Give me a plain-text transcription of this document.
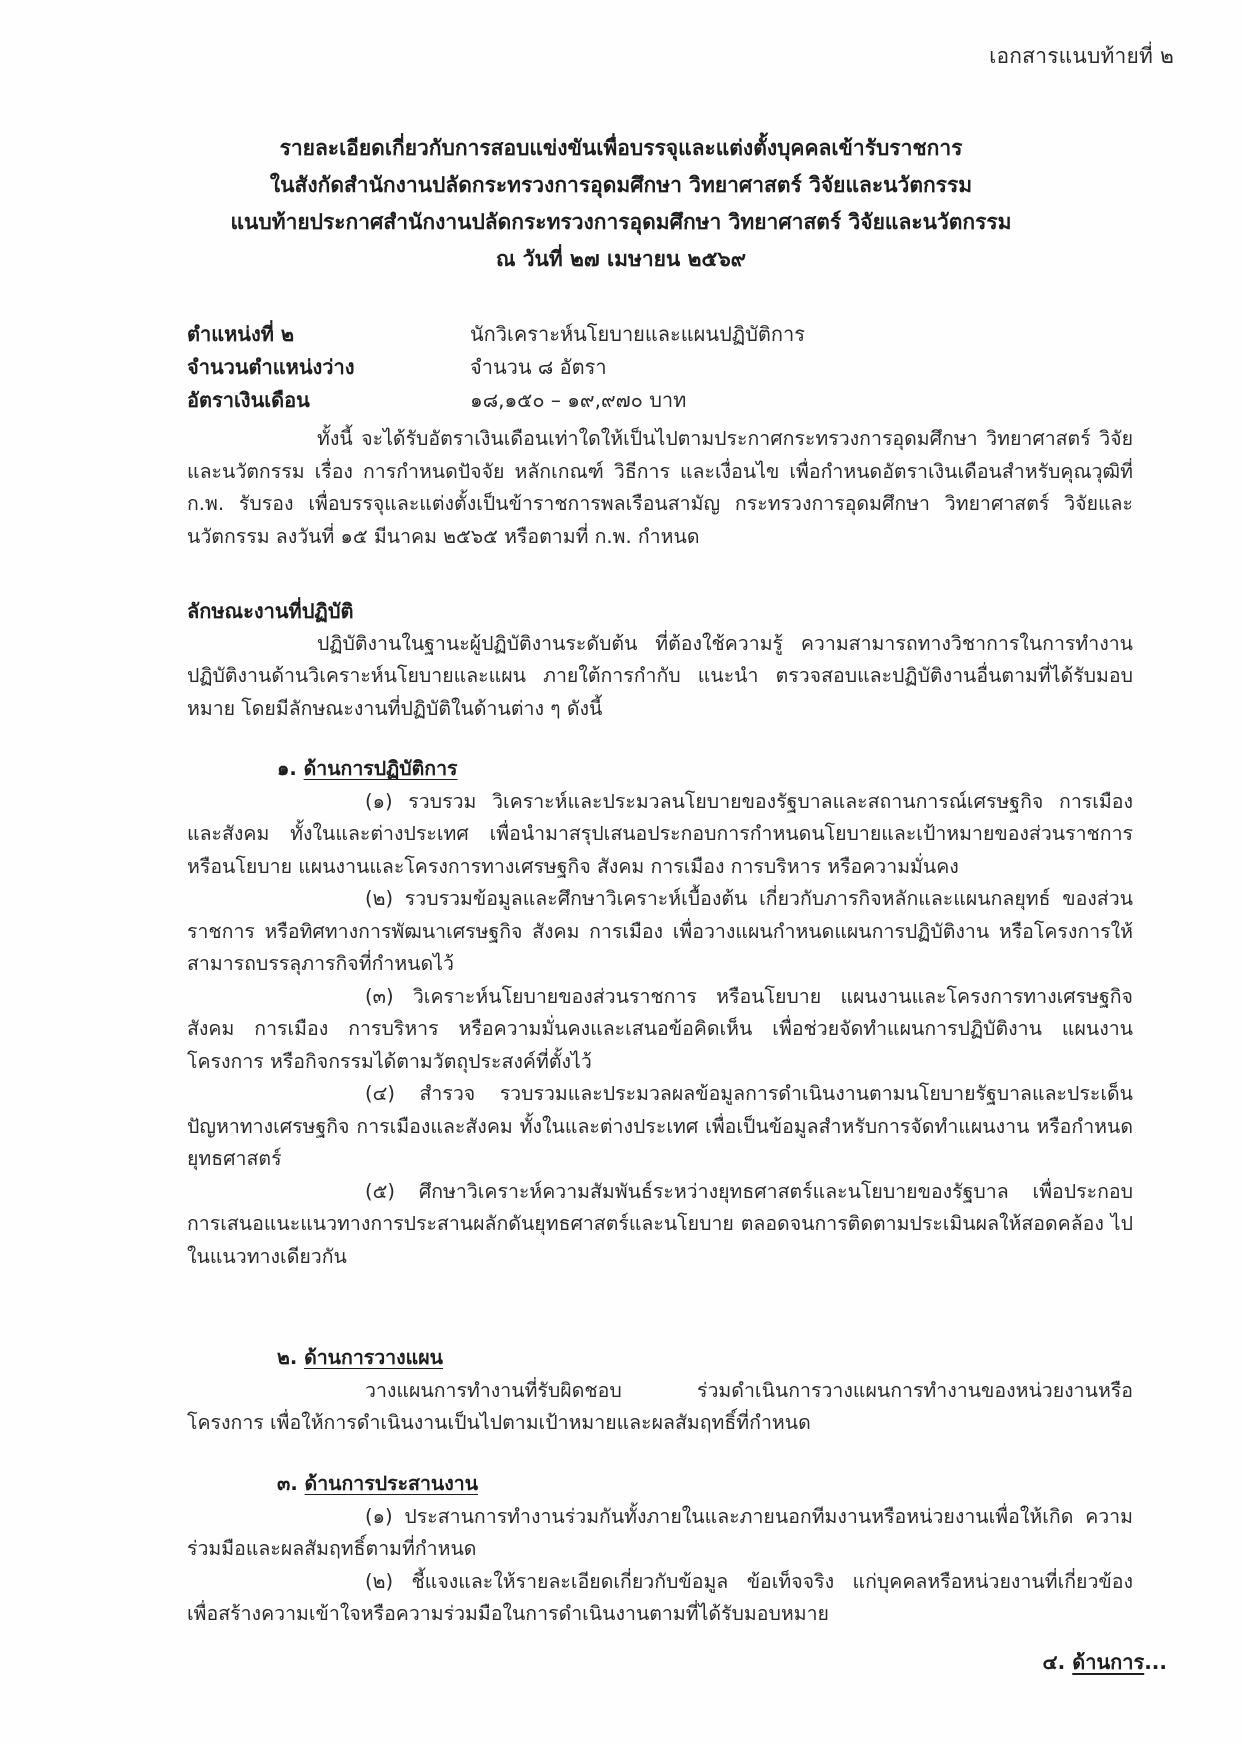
เอกสารแนบท้ายที่ ๒
รายละเอียดเกี่ยวกับการสอบแข่งขันเพื่อบรรจุและแต่งตั้งบุคคลเข้ารับราชการ
ในสังกัดสำนักงานปลัดกระทรวงการอุดมศึกษา วิทยาศาสตร์ วิจัยและนวัตกรรม
แนบท้ายประกาศสำนักงานปลัดกระทรวงการอุดมศึกษา วิทยาศาสตร์ วิจัยและนวัตกรรม
ณ วันที่ ๒๗ เมษายน ๒๕๖๙
ตำแหน่งที่ ๒	นักวิเคราะห์นโยบายและแผนปฏิบัติการ
จำนวนตำแหน่งว่าง	จำนวน ๘ อัตรา
อัตราเงินเดือน	๑๘,๑๕๐ – ๑๙,๙๗๐ บาท
ทั้งนี้ จะได้รับอัตราเงินเดือนเท่าใดให้เป็นไปตามประกาศกระทรวงการอุดมศึกษา วิทยาศาสตร์ วิจัยและนวัตกรรม เรื่อง การกำหนดปัจจัย หลักเกณฑ์ วิธีการ และเงื่อนไข เพื่อกำหนดอัตราเงินเดือนสำหรับคุณวุฒิที่ ก.พ. รับรอง เพื่อบรรจุและแต่งตั้งเป็นข้าราชการพลเรือนสามัญ กระทรวงการอุดมศึกษา วิทยาศาสตร์ วิจัยและนวัตกรรม ลงวันที่ ๑๕ มีนาคม ๒๕๖๕ หรือตามที่ ก.พ. กำหนด
ลักษณะงานที่ปฏิบัติ
ปฏิบัติงานในฐานะผู้ปฏิบัติงานระดับต้น ที่ต้องใช้ความรู้ ความสามารถทางวิชาการในการทำงาน ปฏิบัติงานด้านวิเคราะห์นโยบายและแผน ภายใต้การกำกับ แนะนำ ตรวจสอบและปฏิบัติงานอื่นตามที่ได้รับมอบหมาย โดยมีลักษณะงานที่ปฏิบัติในด้านต่าง ๆ ดังนี้
๑. ด้านการปฏิบัติการ
(๑) รวบรวม วิเคราะห์และประมวลนโยบายของรัฐบาลและสถานการณ์เศรษฐกิจ การเมือง และสังคม ทั้งในและต่างประเทศ เพื่อนำมาสรุปเสนอประกอบการกำหนดนโยบายและเป้าหมายของส่วนราชการ หรือนโยบาย แผนงานและโครงการทางเศรษฐกิจ สังคม การเมือง การบริหาร หรือความมั่นคง
(๒) รวบรวมข้อมูลและศึกษาวิเคราะห์เบื้องต้น เกี่ยวกับภารกิจหลักและแผนกลยุทธ์ ของส่วนราชการ หรือทิศทางการพัฒนาเศรษฐกิจ สังคม การเมือง เพื่อวางแผนกำหนดแผนการปฏิบัติงาน หรือโครงการให้สามารถบรรลุภารกิจที่กำหนดไว้
(๓) วิเคราะห์นโยบายของส่วนราชการ หรือนโยบาย แผนงานและโครงการทางเศรษฐกิจ สังคม การเมือง การบริหาร หรือความมั่นคงและเสนอข้อคิดเห็น เพื่อช่วยจัดทำแผนการปฏิบัติงาน แผนงาน โครงการ หรือกิจกรรมได้ตามวัตถุประสงค์ที่ตั้งไว้
(๔) สำรวจ รวบรวมและประมวลผลข้อมูลการดำเนินงานตามนโยบายรัฐบาลและประเด็น ปัญหาทางเศรษฐกิจ การเมืองและสังคม ทั้งในและต่างประเทศ เพื่อเป็นข้อมูลสำหรับการจัดทำแผนงาน หรือกำหนดยุทธศาสตร์
(๕) ศึกษาวิเคราะห์ความสัมพันธ์ระหว่างยุทธศาสตร์และนโยบายของรัฐบาล เพื่อประกอบ การเสนอแนะแนวทางการประสานผลักดันยุทธศาสตร์และนโยบาย ตลอดจนการติดตามประเมินผลให้สอดคล้อง ไปในแนวทางเดียวกัน
๒. ด้านการวางแผน
วางแผนการทำงานที่รับผิดชอบ ร่วมดำเนินการวางแผนการทำงานของหน่วยงานหรือ โครงการ เพื่อให้การดำเนินงานเป็นไปตามเป้าหมายและผลสัมฤทธิ์ที่กำหนด
๓. ด้านการประสานงาน
(๑) ประสานการทำงานร่วมกันทั้งภายในและภายนอกทีมงานหรือหน่วยงานเพื่อให้เกิด ความร่วมมือและผลสัมฤทธิ์ตามที่กำหนด
(๒) ชี้แจงและให้รายละเอียดเกี่ยวกับข้อมูล ข้อเท็จจริง แก่บุคคลหรือหน่วยงานที่เกี่ยวข้อง เพื่อสร้างความเข้าใจหรือความร่วมมือในการดำเนินงานตามที่ได้รับมอบหมาย
๔. ด้านการ...
